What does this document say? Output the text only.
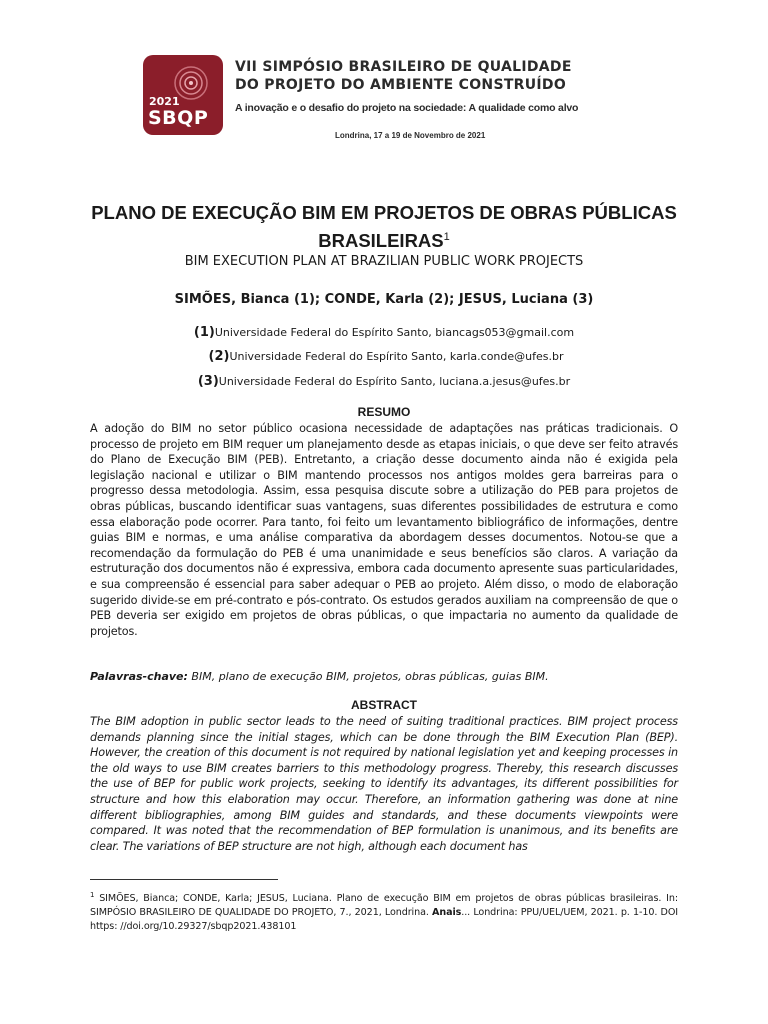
2021
SBQP
VII SIMPÓSIO BRASILEIRO DE QUALIDADE
DO PROJETO DO AMBIENTE CONSTRUÍDO
A inovação e o desafio do projeto na sociedade: A qualidade como alvo
Londrina, 17 a 19 de Novembro de 2021
PLANO DE EXECUÇÃO BIM EM PROJETOS DE OBRAS PÚBLICAS BRASILEIRAS$^1$
BIM EXECUTION PLAN AT BRAZILIAN PUBLIC WORK PROJECTS
SIMÕES, Bianca (1); CONDE, Karla (2); JESUS, Luciana (3)
(1)Universidade Federal do Espírito Santo, biancags053@gmail.com
(2)Universidade Federal do Espírito Santo, karla.conde@ufes.br
(3)Universidade Federal do Espírito Santo, luciana.a.jesus@ufes.br
RESUMO

A adoção do BIM no setor público ocasiona necessidade de adaptações nas práticas tradicionais. O processo de projeto em BIM requer um planejamento desde as etapas iniciais, o que deve ser feito através do Plano de Execução BIM (PEB). Entretanto, a criação desse documento ainda não é exigida pela legislação nacional e utilizar o BIM mantendo processos nos antigos moldes gera barreiras para o progresso dessa metodologia. Assim, essa pesquisa discute sobre a utilização do PEB para projetos de obras públicas, buscando identificar suas vantagens, suas diferentes possibilidades de estrutura e como essa elaboração pode ocorrer. Para tanto, foi feito um levantamento bibliográfico de informações, dentre guias BIM e normas, e uma análise comparativa da abordagem desses documentos. Notou-se que a recomendação da formulação do PEB é uma unanimidade e seus benefícios são claros. A variação da estruturação dos documentos não é expressiva, embora cada documento apresente suas particularidades, e sua compreensão é essencial para saber adequar o PEB ao projeto. Além disso, o modo de elaboração sugerido divide-se em pré-contrato e pós-contrato. Os estudos gerados auxiliam na compreensão de que o PEB deveria ser exigido em projetos de obras públicas, o que impactaria no aumento da qualidade de projetos.

Palavras-chave: BIM, plano de execução BIM, projetos, obras públicas, guias BIM.
ABSTRACT

The BIM adoption in public sector leads to the need of suiting traditional practices. BIM project process demands planning since the initial stages, which can be done through the BIM Execution Plan (BEP). However, the creation of this document is not required by national legislation yet and keeping processes in the old ways to use BIM creates barriers to this methodology progress. Thereby, this research discusses the use of BEP for public work projects, seeking to identify its advantages, its different possibilities for structure and how this elaboration may occur. Therefore, an information gathering was done at nine different bibliographies, among BIM guides and standards, and these documents viewpoints were compared. It was noted that the recommendation of BEP formulation is unanimous, and its benefits are clear. The variations of BEP structure are not high, although each document has

$^1$ SIMÕES, Bianca; CONDE, Karla; JESUS, Luciana. Plano de execução BIM em projetos de obras públicas brasileiras. In: SIMPÓSIO BRASILEIRO DE QUALIDADE DO PROJETO, 7., 2021, Londrina. Anais... Londrina: PPU/UEL/UEM, 2021. p. 1-10. DOI https: //doi.org/10.29327/sbqp2021.438101
